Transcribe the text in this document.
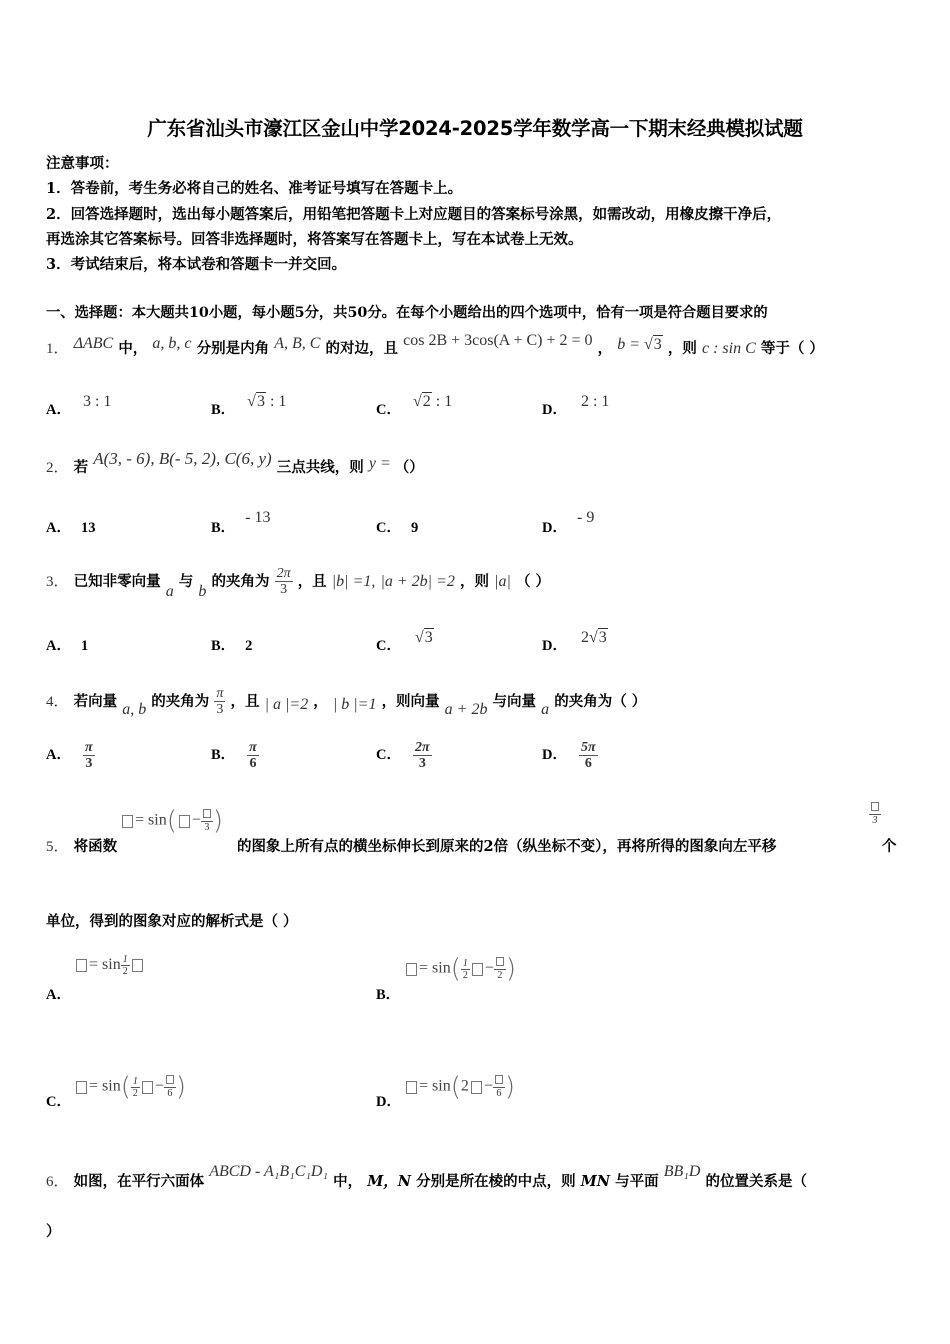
广东省汕头市濠江区金山中学2024-2025学年数学高一下期末经典模拟试题
注意事项：
1．答卷前，考生务必将自己的姓名、准考证号填写在答题卡上。
2．回答选择题时，选出每小题答案后，用铅笔把答题卡上对应题目的答案标号涂黑，如需改动，用橡皮擦干净后，
再选涂其它答案标号。回答非选择题时，将答案写在答题卡上，写在本试卷上无效。
3．考试结束后，将本试卷和答题卡一并交回。
一、选择题：本大题共10小题，每小题5分，共50分。在每个小题给出的四个选项中，恰有一项是符合题目要求的
1． ΔABC 中， a, b, c 分别是内角 A, B, C 的对边，且 cos 2B + 3cos(A + C) + 2 = 0 ， b = √3 ，则 c : sin C 等于（ ）
A． 3 : 1	B． √3 : 1	C． √2 : 1	D． 2 : 1
2． 若 A(3, - 6), B(- 5, 2), C(6, y) 三点共线，则 y = （）
A． 13	B．- 13
C． 9	D．- 9
3． 已知非零向量 a 与 b 的夹角为 $\frac{2\pi}{3}$ ，且 |b| =1, |a + 2b| =2 ，则 |a| （ ）
A． 1	B． 2	C． √3	D． 2√3
4． 若向量 a, b 的夹角为 $\frac{\pi}{3}$ ，且 | a |=2 ， | b |=1 ，则向量 a + 2b 与向量 a 的夹角为（ ）
A． $\frac{\pi}{3}$	B． $\frac{\pi}{6}$	C． $\frac{2\pi}{3}$	D． $\frac{5\pi}{6}$
= sin( − 3 )	3
5． 将函数	的图象上所有点的横坐标伸长到原来的2倍（纵坐标不变），再将所得的图象向左平移	个
单位，得到的图象对应的解析式是（ ）
= $\sin \frac{1}{2}$
A．
= $\sin( \frac{1}{2} - 2$ )
B．
= $\sin( \frac{1}{2} - 6$ )
C．
= sin(2 − 6 )
D．
6． 如图，在平行六面体 ABCD - A₁B₁C₁D₁ 中， M，N 分别是所在棱的中点，则 MN 与平面 BB₁D 的位置关系是（
）
